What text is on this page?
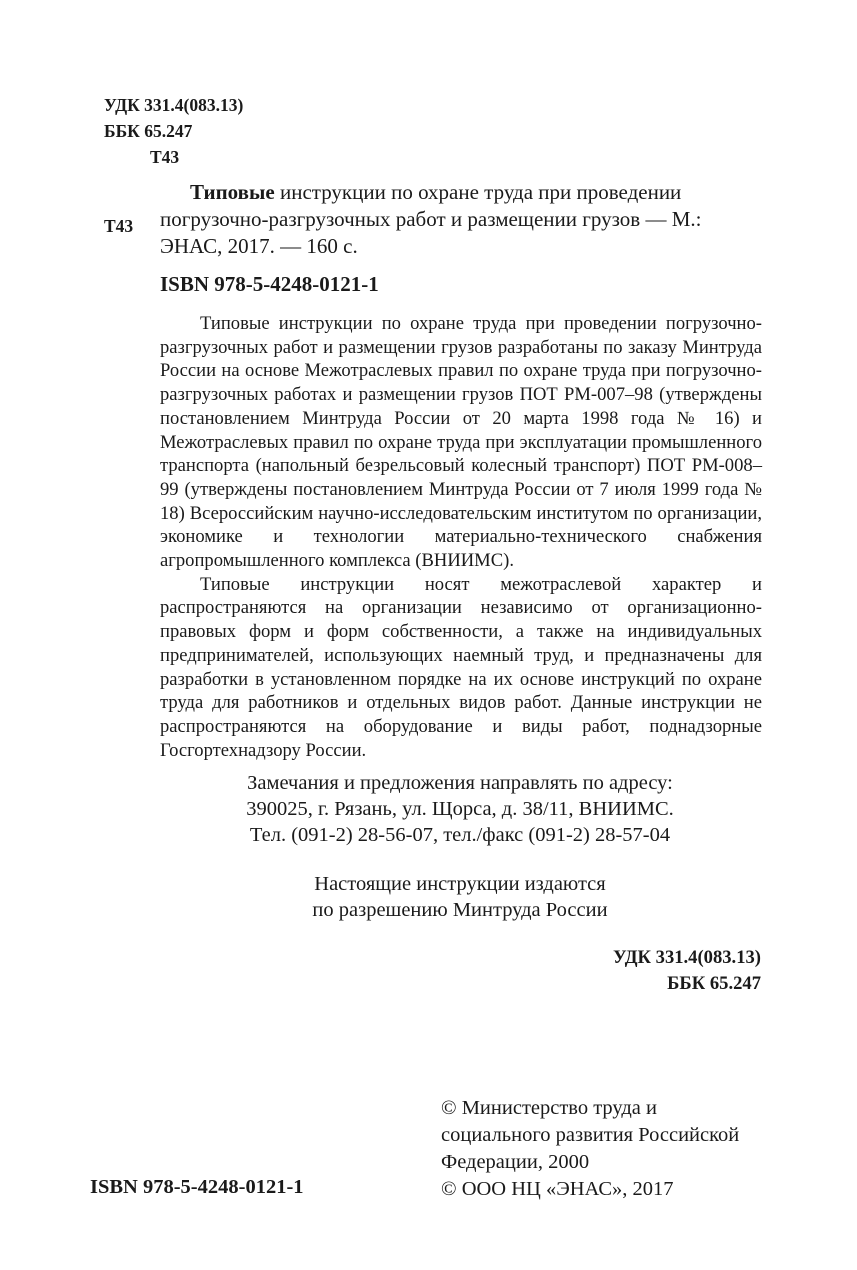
УДК 331.4(083.13)
ББК 65.247
Т43
Т43
Типовые инструкции по охране труда при проведении
погрузочно-разгрузочных работ и размещении грузов — М.:
ЭНАС, 2017. — 160 с.
ISBN 978-5-4248-0121-1

Типовые инструкции по охране труда при проведении погрузочно-разгрузочных работ и размещении грузов разработаны по заказу Минтруда России на основе Межотраслевых правил по охране труда при погрузочно-разгрузочных работах и размещении грузов ПОТ РМ-007–98 (утверждены постановлением Минтруда России от 20 марта 1998 года № 16) и Межотраслевых правил по охране труда при эксплуатации промышленного транспорта (напольный безрельсовый колесный транспорт) ПОТ РМ-008–99 (утверждены постановлением Минтруда России от 7 июля 1999 года № 18) Всероссийским научно-исследовательским институтом по организации, экономике и технологии материально-технического снабжения агропромышленного комплекса (ВНИИМС).

Типовые инструкции носят межотраслевой характер и распространяются на организации независимо от организационно-правовых форм и форм собственности, а также на индивидуальных предпринимателей, использующих наемный труд, и предназначены для разработки в установленном порядке на их основе инструкций по охране труда для работников и отдельных видов работ. Данные инструкции не распространяются на оборудование и виды работ, поднадзорные Госгортехнадзору России.

Замечания и предложения направлять по адресу:
390025, г. Рязань, ул. Щорса, д. 38/11, ВНИИМС.
Тел. (091-2) 28-56-07, тел./факс (091-2) 28-57-04
Настоящие инструкции издаются
по разрешению Минтруда России
УДК 331.4(083.13)
ББК 65.247
ISBN 978-5-4248-0121-1
© Министерство труда и
социального развития Российской
Федерации, 2000
© ООО НЦ «ЭНАС», 2017
